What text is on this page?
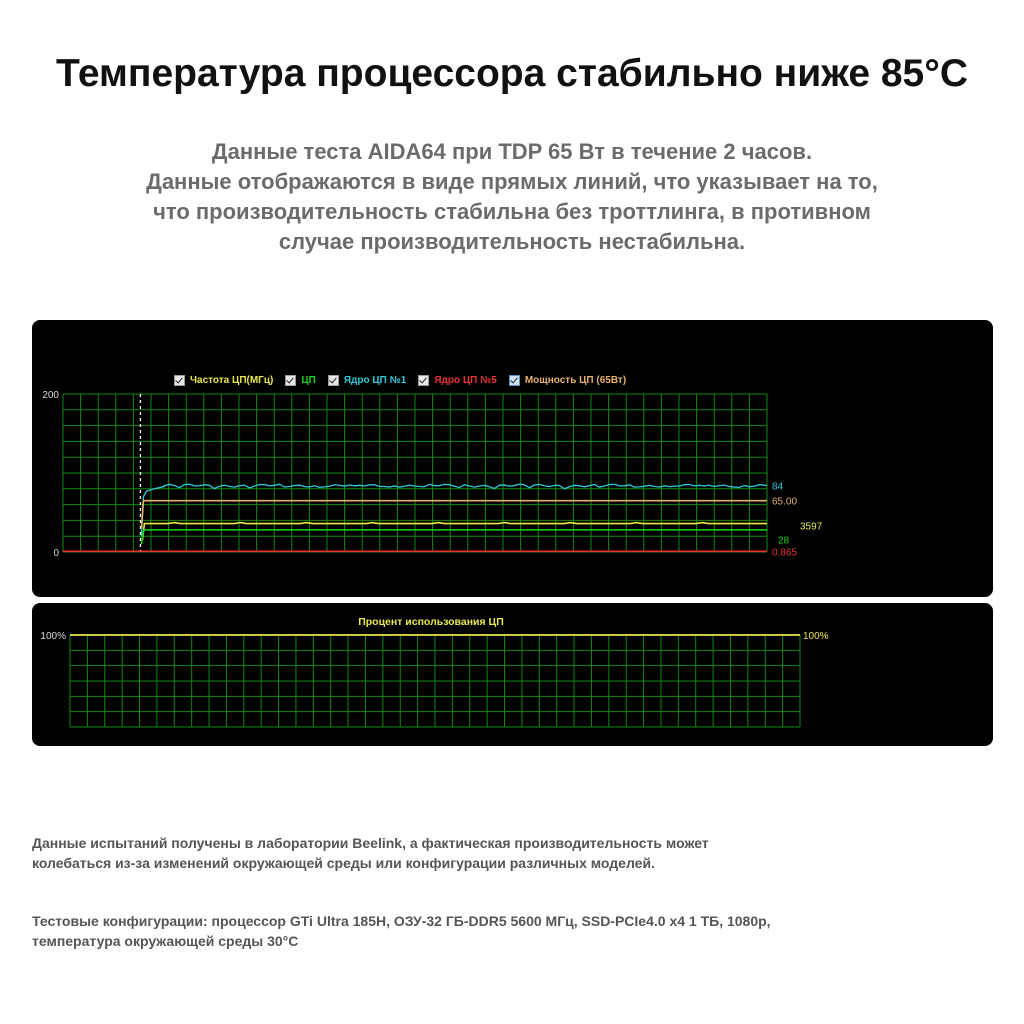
Температура процессора стабильно ниже 85°C
Данные теста AIDA64 при TDP 65 Вт в течение 2 часов.
Данные отображаются в виде прямых линий, что указывает на то,
что производительность стабильна без троттлинга, в противном
случае производительность нестабильна.
200
0
84
65.00
3597
28
0.865
Частота ЦП(МГц)	ЦП	Ядро ЦП №1	Ядро ЦП №5	Мощность ЦП (65Вт)
Процент использования ЦП
100%	100%
Данные испытаний получены в лаборатории Beelink, а фактическая производительность может
колебаться из-за изменений окружающей среды или конфигурации различных моделей.
Тестовые конфигурации: процессор GTi Ultra 185H, ОЗУ-32 ГБ-DDR5 5600 МГц, SSD-PCIe4.0 x4 1 ТБ, 1080p,
температура окружающей среды 30°C
